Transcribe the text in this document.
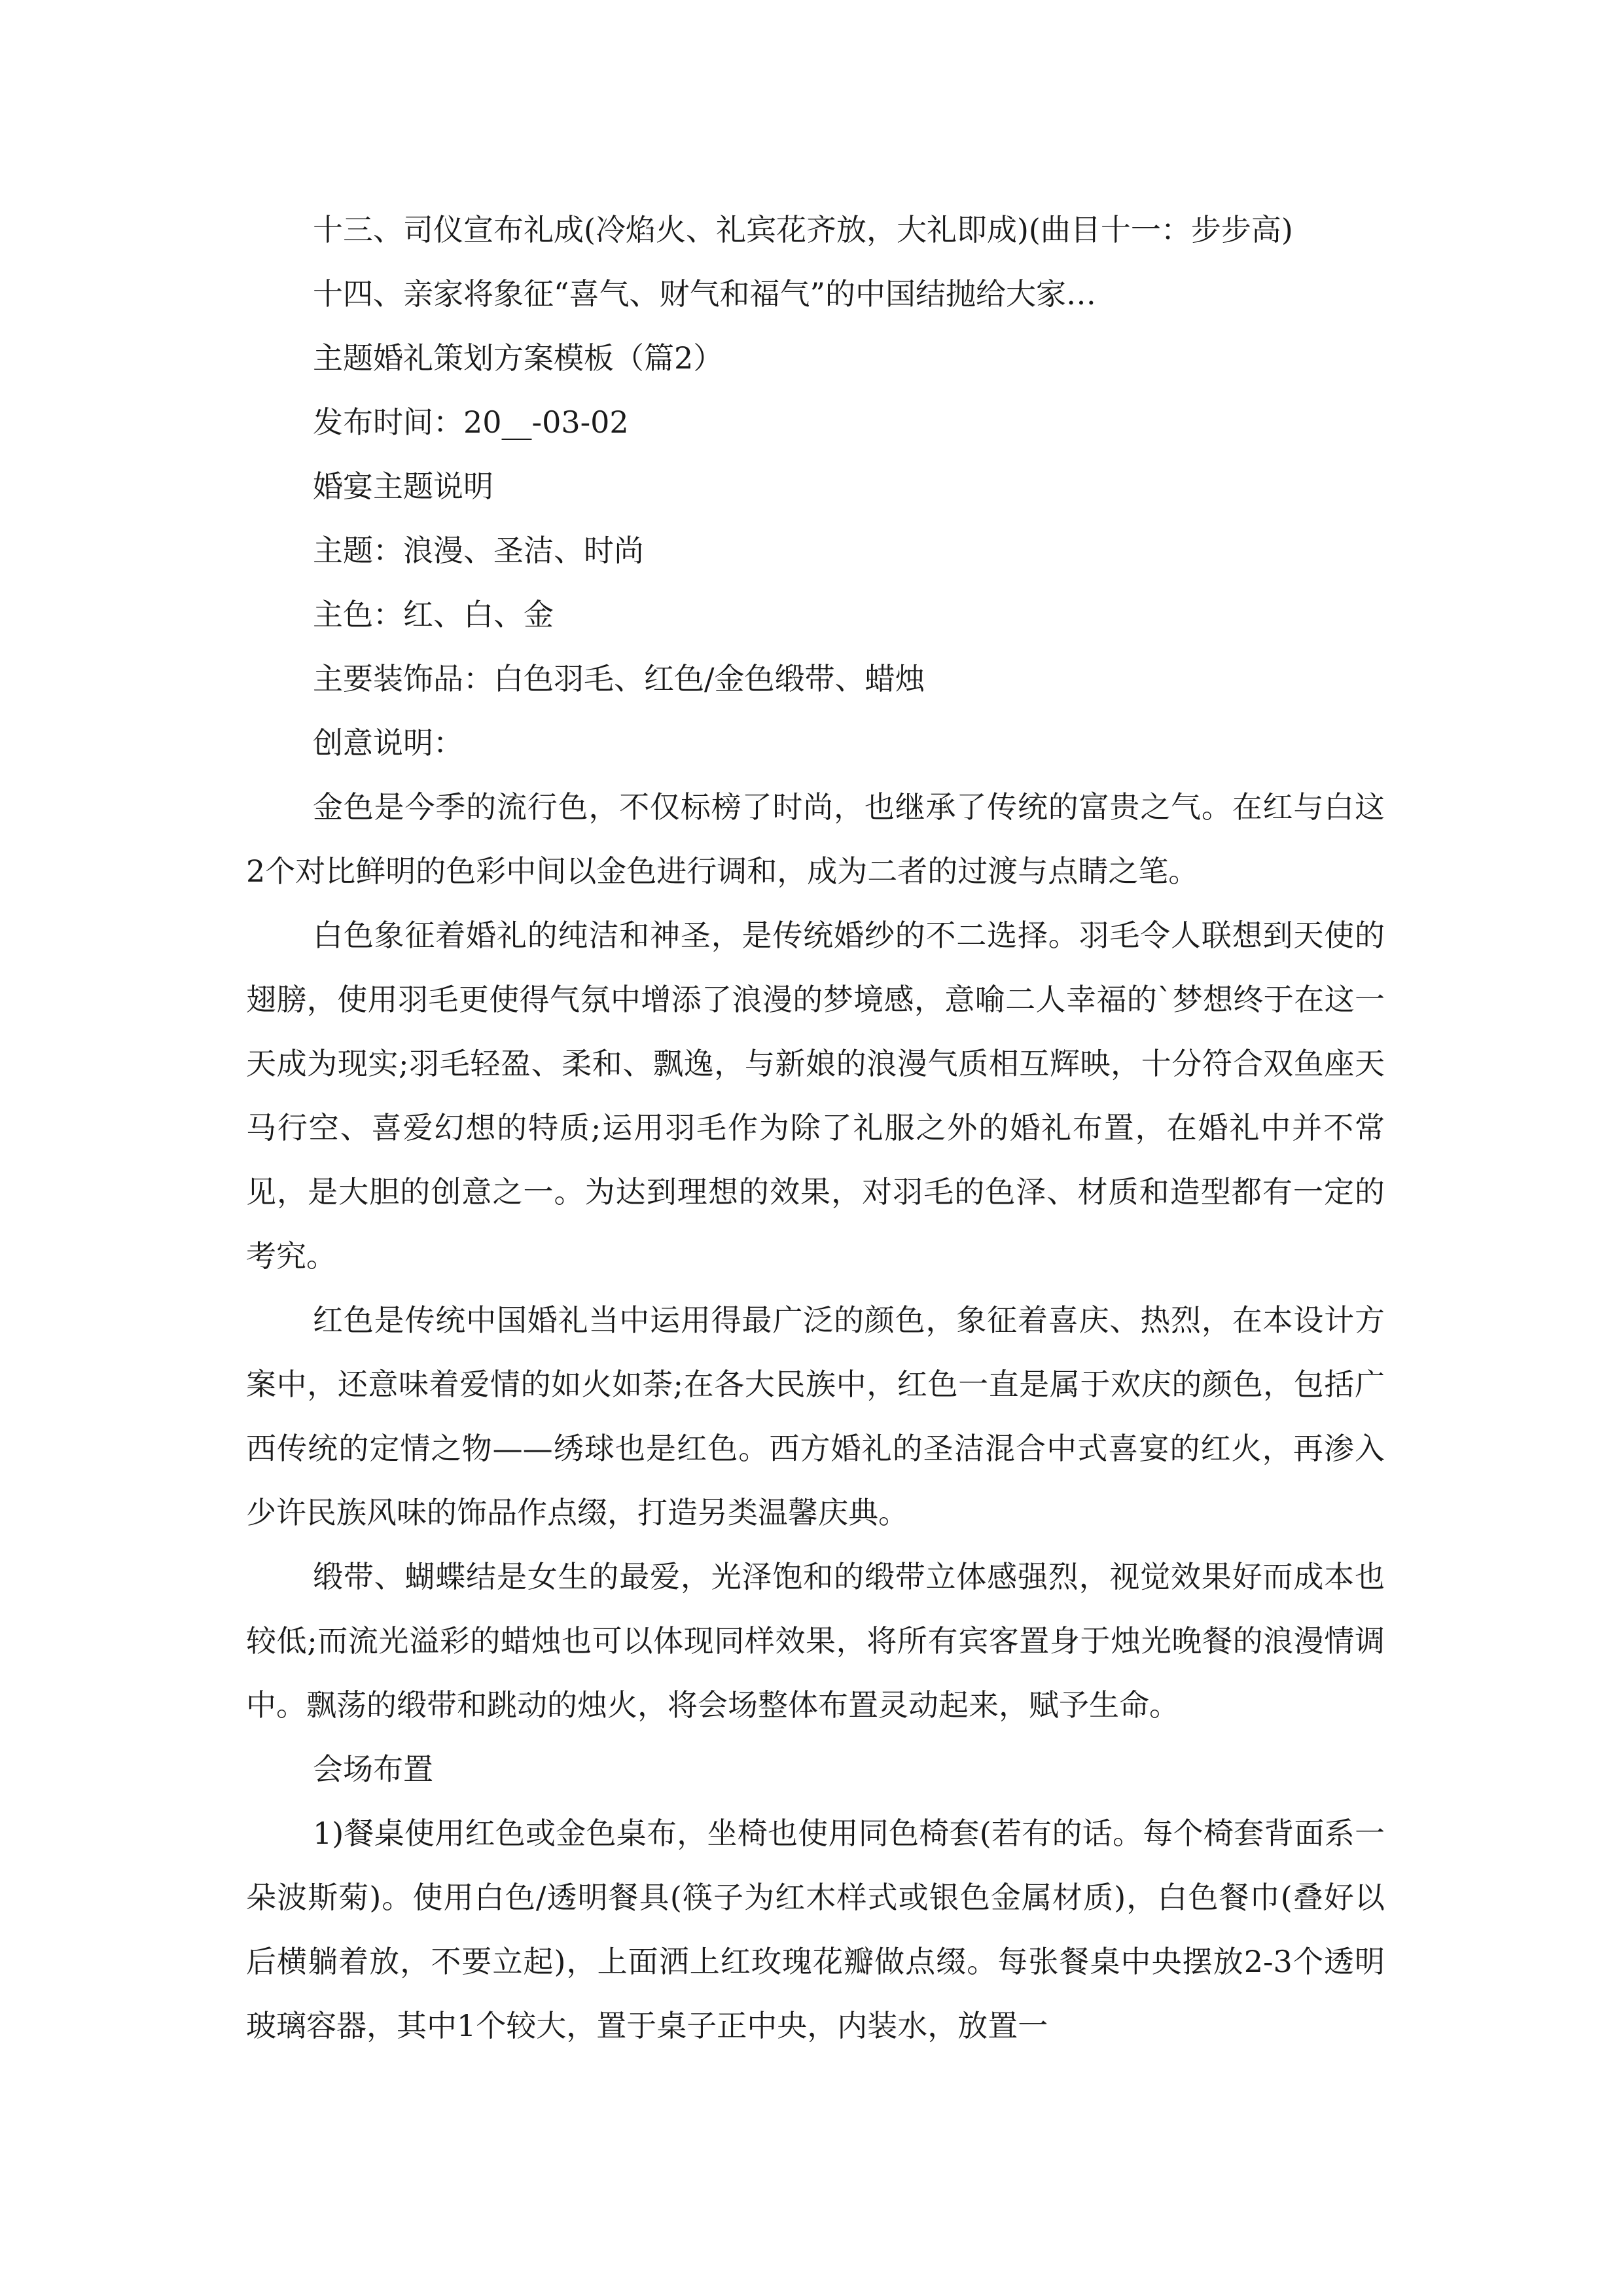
十三、司仪宣布礼成(冷焰火、礼宾花齐放，大礼即成)(曲目十一：步步高)
十四、亲家将象征“喜气、财气和福气”的中国结抛给大家…
主题婚礼策划方案模板（篇2）
发布时间：20__-03-02
婚宴主题说明
主题：浪漫、圣洁、时尚
主色：红、白、金
主要装饰品：白色羽毛、红色/金色缎带、蜡烛
创意说明：

金色是今季的流行色，不仅标榜了时尚，也继承了传统的富贵之气。在红与白这2个对比鲜明的色彩中间以金色进行调和，成为二者的过渡与点睛之笔。

白色象征着婚礼的纯洁和神圣，是传统婚纱的不二选择。羽毛令人联想到天使的翅膀，使用羽毛更使得气氛中增添了浪漫的梦境感，意喻二人幸福的`梦想终于在这一天成为现实;羽毛轻盈、柔和、飘逸，与新娘的浪漫气质相互辉映，十分符合双鱼座天马行空、喜爱幻想的特质;运用羽毛作为除了礼服之外的婚礼布置，在婚礼中并不常见，是大胆的创意之一。为达到理想的效果，对羽毛的色泽、材质和造型都有一定的考究。

红色是传统中国婚礼当中运用得最广泛的颜色，象征着喜庆、热烈，在本设计方案中，还意味着爱情的如火如荼;在各大民族中，红色一直是属于欢庆的颜色，包括广西传统的定情之物——绣球也是红色。西方婚礼的圣洁混合中式喜宴的红火，再渗入少许民族风味的饰品作点缀，打造另类温馨庆典。

缎带、蝴蝶结是女生的最爱，光泽饱和的缎带立体感强烈，视觉效果好而成本也较低;而流光溢彩的蜡烛也可以体现同样效果，将所有宾客置身于烛光晚餐的浪漫情调中。飘荡的缎带和跳动的烛火，将会场整体布置灵动起来，赋予生命。

会场布置

1)餐桌使用红色或金色桌布，坐椅也使用同色椅套(若有的话。每个椅套背面系一朵波斯菊)。使用白色/透明餐具(筷子为红木样式或银色金属材质)，白色餐巾(叠好以后横躺着放，不要立起)，上面洒上红玫瑰花瓣做点缀。每张餐桌中央摆放2-3个透明玻璃容器，其中1个较大，置于桌子正中央，内装水，放置一
